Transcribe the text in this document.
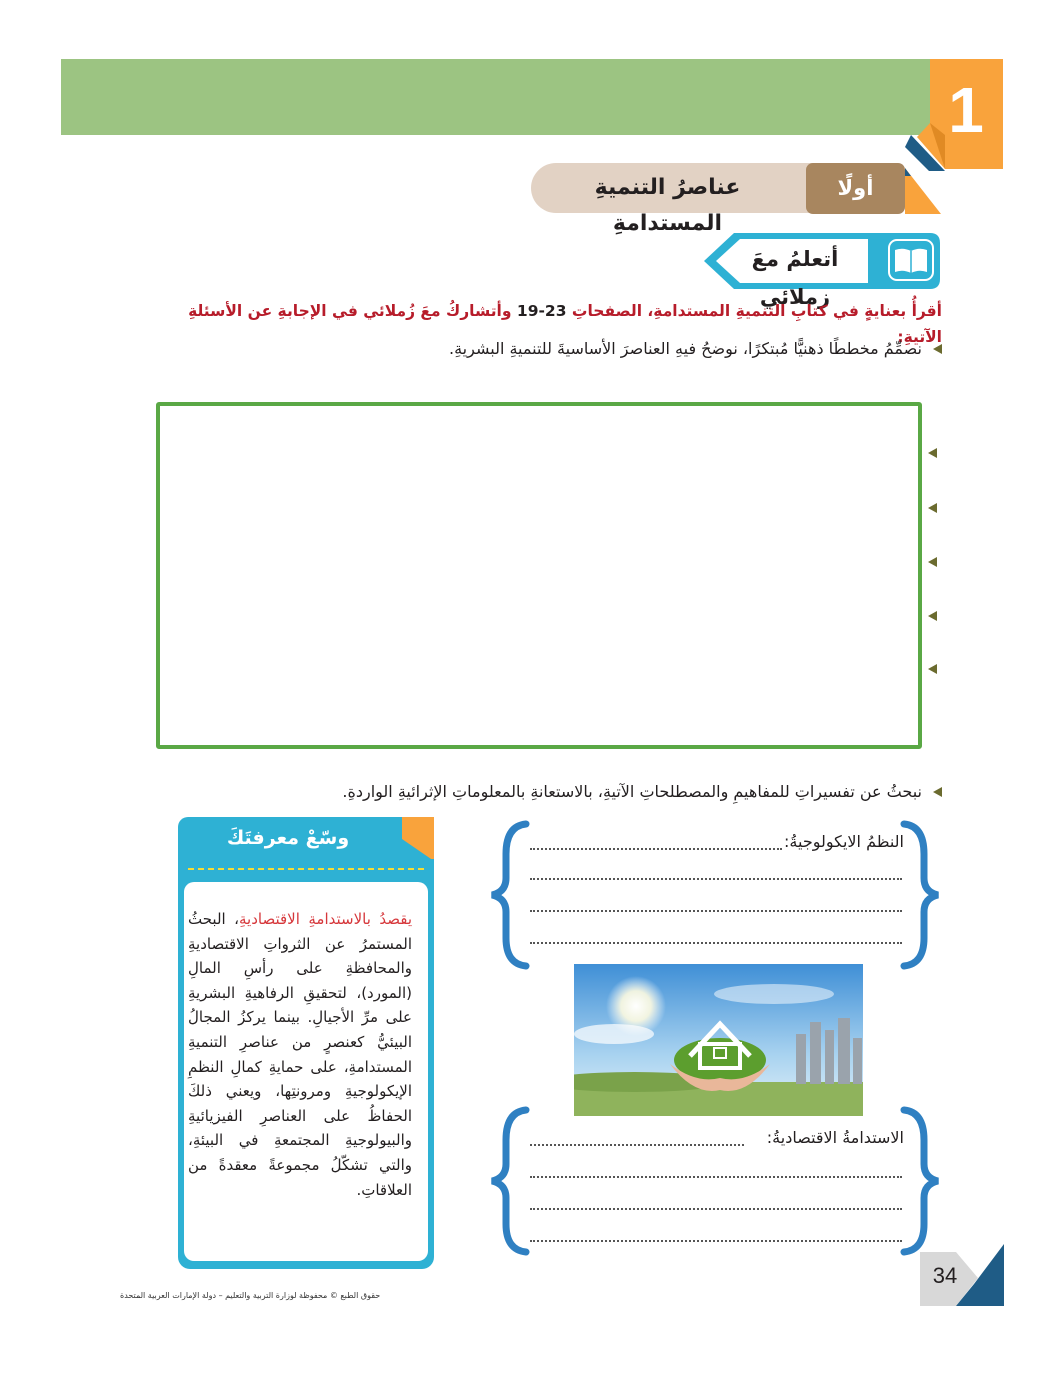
1
عناصرُ التنميةِ المستدامةِ
أولًا
أتعلمُ معَ زملائي
أقرأُ بعنايةٍ في كتابِ التنميةِ المستدامةِ، الصفحاتِ 19-23 وأتشاركُ معَ زُملائي في الإجابةِ عن الأسئلةِ الآتيةِ:
نصمِّمُ مخططًا ذهنيًّا مُبتكرًا، نوضحُ فيهِ العناصرَ الأساسيةَ للتنميةِ البشريةِ.
نبحثُ عن تفسيراتِ للمفاهيمِ والمصطلحاتِ الآتيةِ، بالاستعانةِ بالمعلوماتِ الإثرائيةِ الواردةِ.
وسّعْ معرفتَكَ
يقصدُ بالاستدامةِ الاقتصاديةِ، البحثُ المستمرُ عن الثرواتِ الاقتصاديةِ والمحافظةِ على رأسِ المالِ (المورد)، لتحقيقِ الرفاهيةِ البشريةِ على مرِّ الأجيالِ. بينما يركزُ المجالُ البيئيُّ كعنصرٍ من عناصرِ التنميةِ المستدامةِ، على حمايةِ كمالِ النظمِ الإيكولوجيةِ ومرونتِها، ويعني ذلكَ الحفاظُ على العناصرِ الفيزيائيةِ والبيولوجيةِ المجتمعةِ في البيئةِ، والتي تشكّلُ مجموعةً معقدةً من العلاقاتِ.
النظمُ الايكولوجيةُ:
الاستدامةُ الاقتصاديةُ:
34
حقوق الطبع © محفوظة لوزارة التربية والتعليم – دولة الإمارات العربية المتحدة
